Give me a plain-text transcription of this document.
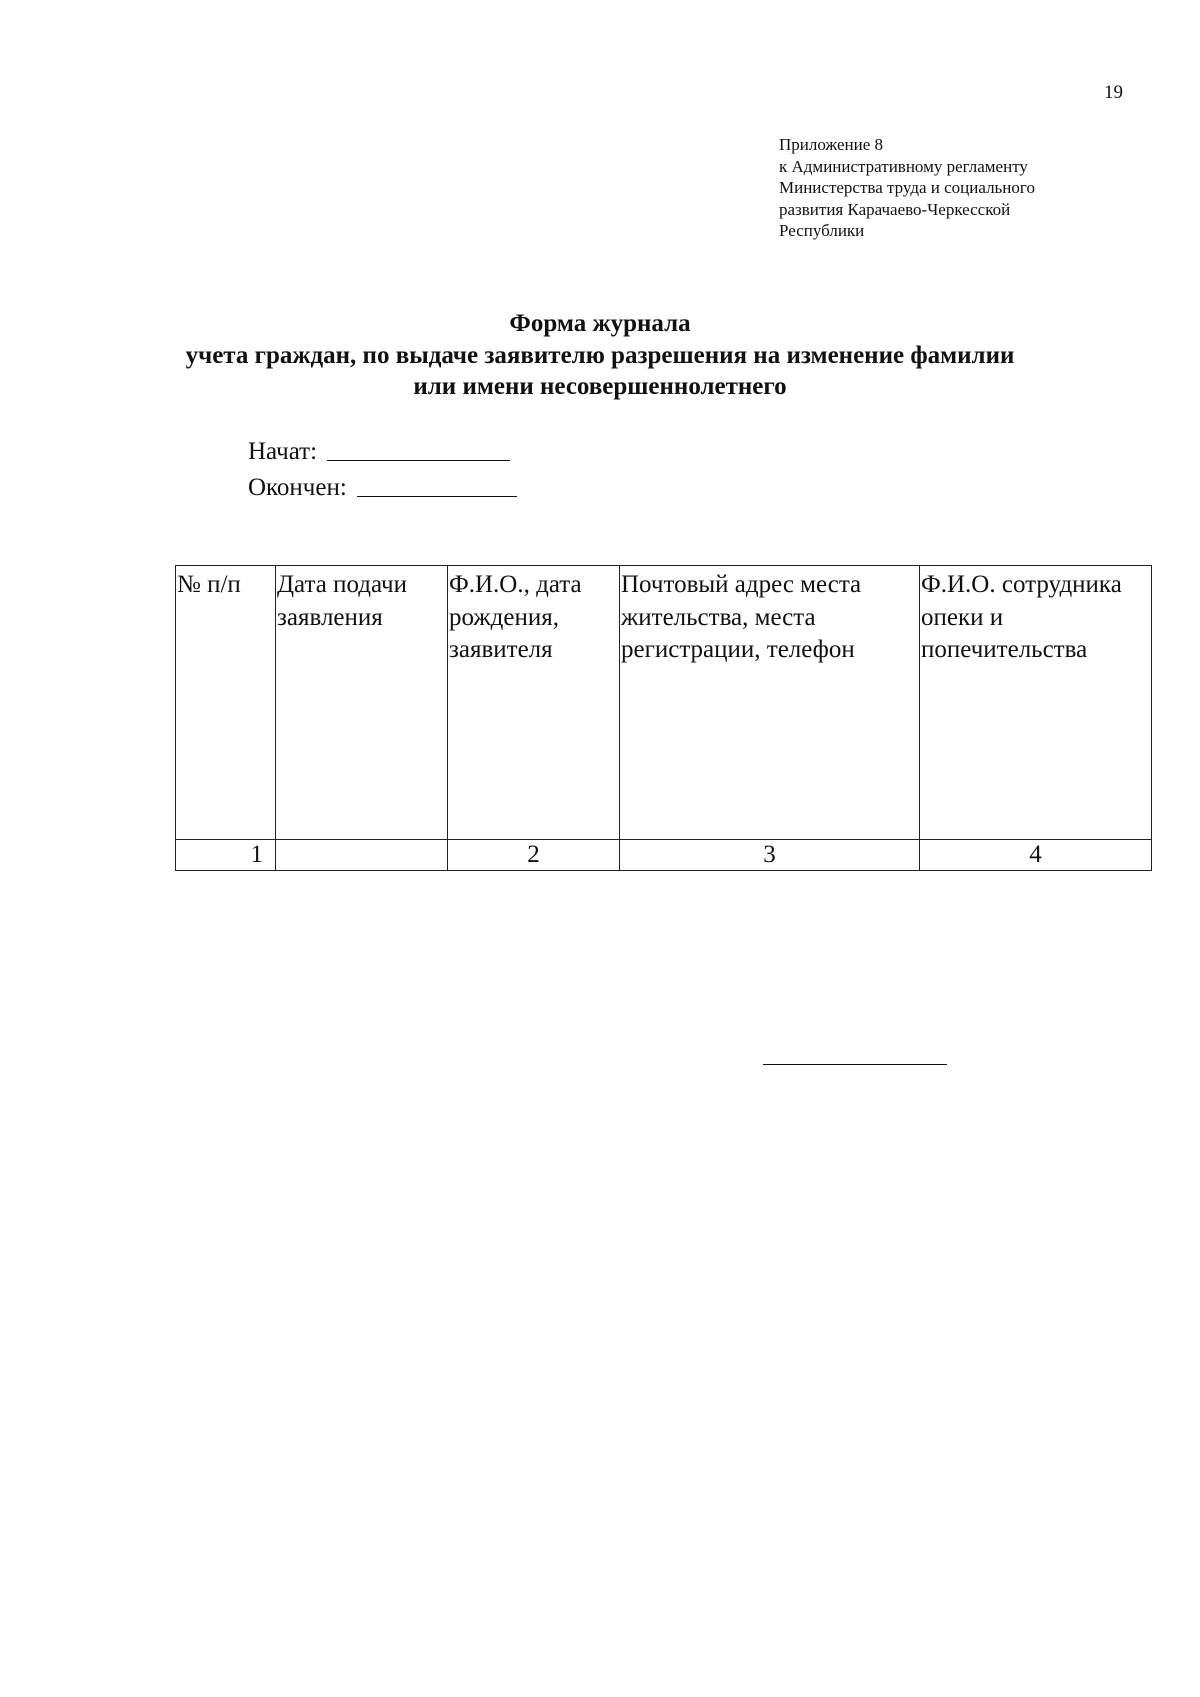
19
Приложение 8
к Административному регламенту
Министерства труда и социального
развития Карачаево-Черкесской
Республики
Форма журнала
учета граждан, по выдаче заявителю разрешения на изменение фамилии
или имени несовершеннолетнего
Начат:
Окончен:
№ п/п	Дата подачи заявления	Ф.И.О., дата рождения, заявителя	Почтовый адрес места жительства, места регистрации, телефон	Ф.И.О. сотрудника опеки и попечительства
1		2	3	4
